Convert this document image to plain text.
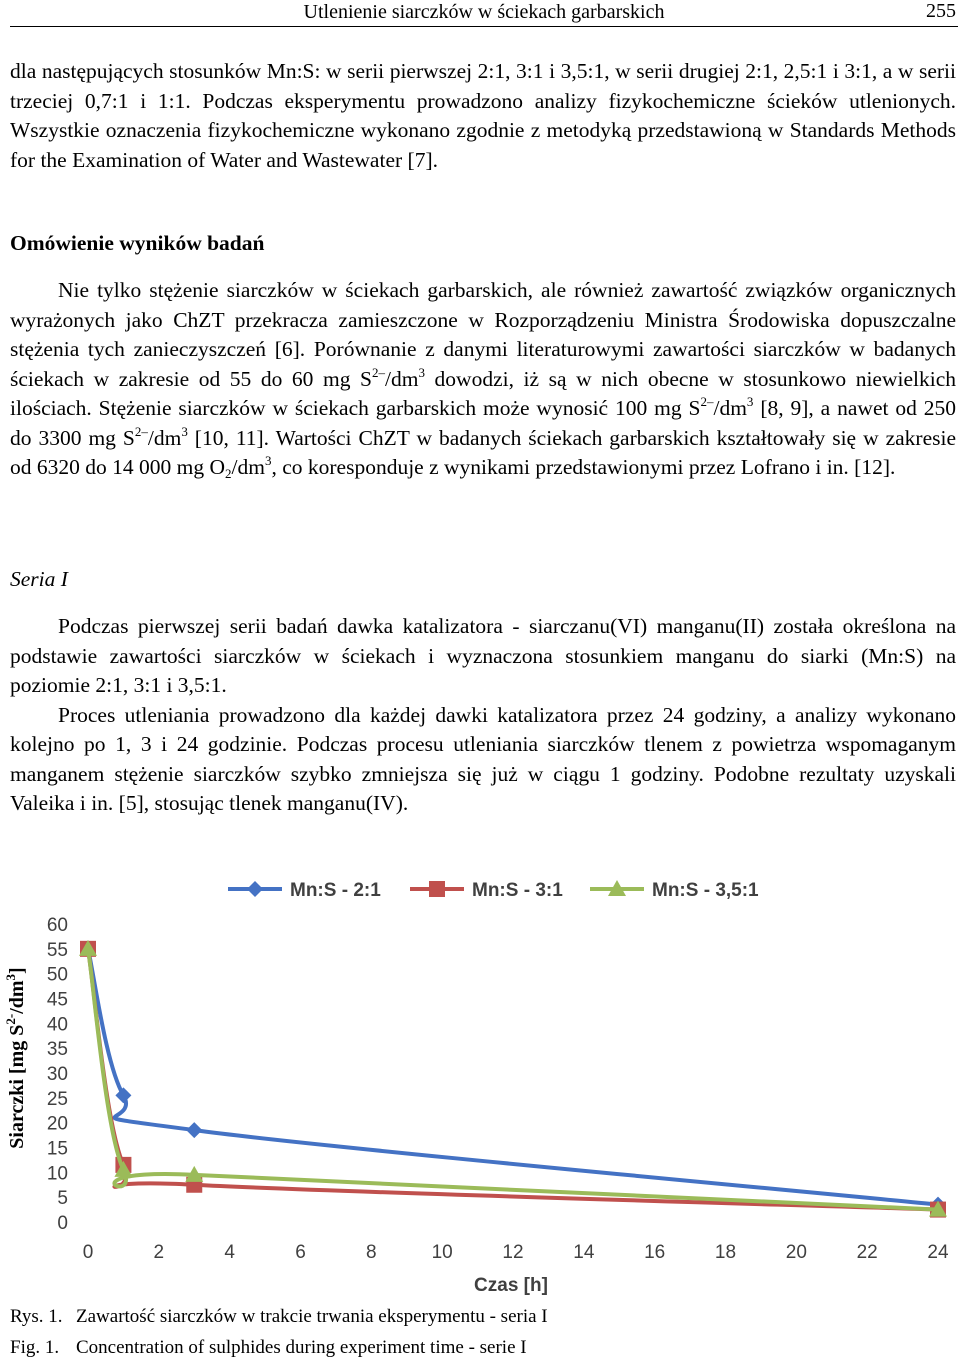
Utlenienie siarczków w ściekach garbarskich	255

dla następujących stosunków Mn:S: w serii pierwszej 2:1, 3:1 i 3,5:1, w serii drugiej 2:1, 2,5:1 i 3:1, a w serii trzeciej 0,7:1 i 1:1. Podczas eksperymentu prowadzono analizy fizykochemiczne ścieków utlenionych. Wszystkie oznaczenia fizykochemiczne wykonano zgodnie z metodyką przedstawioną w Standards Methods for the Examination of Water and Wastewater [7].

Omówienie wyników badań

Nie tylko stężenie siarczków w ściekach garbarskich, ale również zawartość związków organicznych wyrażonych jako ChZT przekracza zamieszczone w Rozporządzeniu Ministra Środowiska dopuszczalne stężenia tych zanieczyszczeń [6]. Porównanie z danymi literaturowymi zawartości siarczków w badanych ściekach w zakresie od 55 do 60 mg $S^{2-}/dm^3$ dowodzi, iż są w nich obecne w stosunkowo niewielkich ilościach. Stężenie siarczków w ściekach garbarskich może wynosić 100 mg $S^{2-}/dm^3$ [8, 9], a nawet od 250 do 3300 mg $S^{2-}/dm^3$ [10, 11]. Wartości ChZT w badanych ściekach garbarskich kształtowały się w zakresie od 6320 do 14 000 mg $O_2/dm^3$, co koresponduje z wynikami przedstawionymi przez Lofrano i in. [12].

Seria I

Podczas pierwszej serii badań dawka katalizatora - siarczanu(VI) manganu(II) została określona na podstawie zawartości siarczków w ściekach i wyznaczona stosunkiem manganu do siarki (Mn:S) na poziomie 2:1, 3:1 i 3,5:1.

Proces utleniania prowadzono dla każdej dawki katalizatora przez 24 godziny, a analizy wykonano kolejno po 1, 3 i 24 godzinie. Podczas procesu utleniania siarczków tlenem z powietrza wspomaganym manganem stężenie siarczków szybko zmniejsza się już w ciągu 1 godziny. Podobne rezultaty uzyskali Valeika i in. [5], stosując tlenek manganu(IV).

Mn:S - 2:1	Mn:S - 3:1	Mn:S - 3,5:1
0
5
10
15
20
25
30
35
40
45
50
55
60
0	2	4	6	8	10	12	14	16	18	20	22	24
Czas [h]
Siarczki [mg $S^{2-}/dm^3$]
Rys. 1. Zawartość siarczków w trakcie trwania eksperymentu - seria I
Fig. 1. Concentration of sulphides during experiment time - serie I
